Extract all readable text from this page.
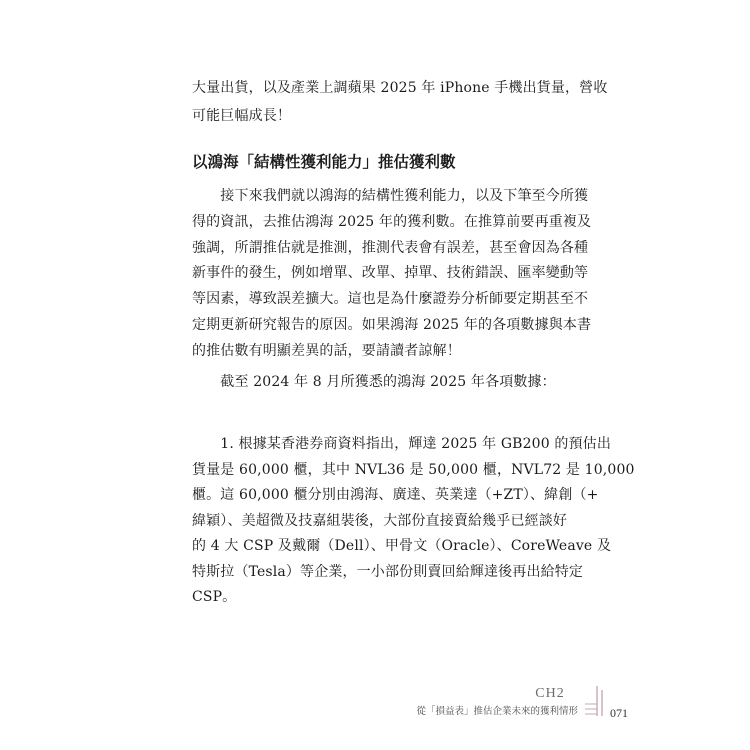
大量出貨，以及產業上調蘋果 2025 年 iPhone 手機出貨量，營收
可能巨幅成長！
以鴻海「結構性獲利能力」推估獲利數
　　接下來我們就以鴻海的結構性獲利能力，以及下筆至今所獲
得的資訊，去推估鴻海 2025 年的獲利數。在推算前要再重複及
強調，所謂推估就是推測，推測代表會有誤差，甚至會因為各種
新事件的發生，例如增單、改單、掉單、技術錯誤、匯率變動等
等因素，導致誤差擴大。這也是為什麼證券分析師要定期甚至不
定期更新研究報告的原因。如果鴻海 2025 年的各項數據與本書
的推估數有明顯差異的話，要請讀者諒解！
　　截至 2024 年 8 月所獲悉的鴻海 2025 年各項數據：
　　1. 根據某香港券商資料指出，輝達 2025 年 GB200 的預估出
貨量是 60,000 櫃，其中 NVL36 是 50,000 櫃，NVL72 是 10,000
櫃。這 60,000 櫃分別由鴻海、廣達、英業達（+ZT）、緯創（+
緯穎）、美超微及技嘉組裝後，大部份直接賣給幾乎已經談好
的 4 大 CSP 及戴爾（Dell）、甲骨文（Oracle）、CoreWeave 及
特斯拉（Tesla）等企業，一小部份則賣回給輝達後再出給特定
CSP。
CH2
從「損益表」推估企業未來的獲利情形	071
